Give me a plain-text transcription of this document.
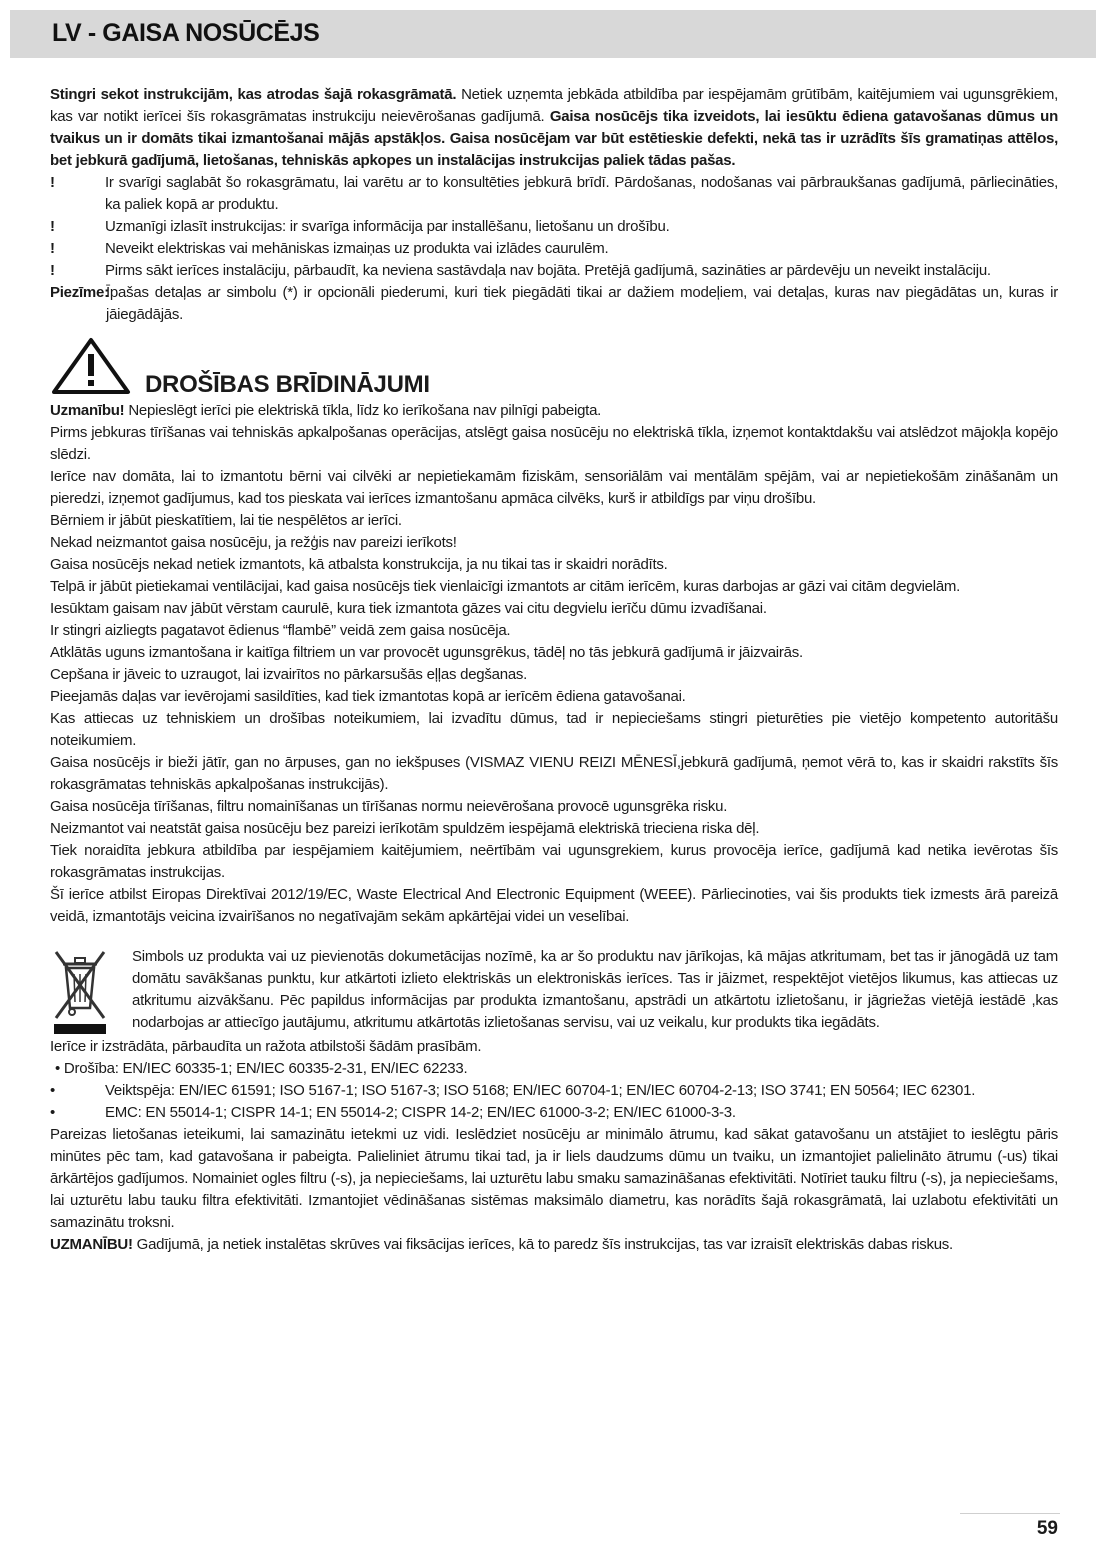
LV - GAISA NOSŪCĒJS

Stingri sekot instrukcijām, kas atrodas šajā rokasgrāmatā. Netiek uzņemta jebkāda atbildība par iespējamām grūtībām, kaitējumiem vai ugunsgrēkiem, kas var notikt ierīcei šīs rokasgrāmatas instrukciju neievērošanas gadījumā. Gaisa nosūcējs tika izveidots, lai iesūktu ēdiena gatavošanas dūmus un tvaikus un ir domāts tikai izmantošanai mājās apstākļos. Gaisa nosūcējam var būt estētieskie defekti, nekā tas ir uzrādīts šīs gramatiņas attēlos, bet jebkurā gadījumā, lietošanas, tehniskās apkopes un instalācijas instrukcijas paliek tādas pašas.

!	Ir svarīgi saglabāt šo rokasgrāmatu, lai varētu ar to konsultēties jebkurā brīdī. Pārdošanas, nodošanas vai pārbraukšanas gadījumā, pārliecināties, ka paliek kopā ar produktu.

!	Uzmanīgi izlasīt instrukcijas: ir svarīga informācija par installēšanu, lietošanu un drošību.

!	Neveikt elektriskas vai mehāniskas izmaiņas uz produkta vai izlādes caurulēm.

!	Pirms sākt ierīces instalāciju, pārbaudīt, ka neviena sastāvdaļa nav bojāta. Pretējā gadījumā, sazināties ar pārdevēju un neveikt instalāciju.

Piezīme:
Īpašas detaļas ar simbolu (*) ir opcionāli piederumi, kuri tiek piegādāti tikai ar dažiem modeļiem, vai detaļas, kuras nav piegādātas un, kuras ir jāiegādājās.

DROŠĪBAS BRĪDINĀJUMI

Uzmanību! Nepieslēgt ierīci pie elektriskā tīkla, līdz ko ierīkošana nav pilnīgi pabeigta.

Pirms jebkuras tīrīšanas vai tehniskās apkalpošanas operācijas, atslēgt gaisa nosūcēju no elektriskā tīkla, izņemot kontaktdakšu vai atslēdzot mājokļa kopējo slēdzi.

Ierīce nav domāta, lai to izmantotu bērni vai cilvēki ar nepietiekamām fiziskām, sensoriālām vai mentālām spējām, vai ar nepietiekošām zināšanām un pieredzi, izņemot gadījumus, kad tos pieskata vai ierīces izmantošanu apmāca cilvēks, kurš ir atbildīgs par viņu drošību.

Bērniem ir jābūt pieskatītiem, lai tie nespēlētos ar ierīci.

Nekad neizmantot gaisa nosūcēju, ja režģis nav pareizi ierīkots!

Gaisa nosūcējs nekad netiek izmantots, kā atbalsta konstrukcija, ja nu tikai tas ir skaidri norādīts.

Telpā ir jābūt pietiekamai ventilācijai, kad gaisa nosūcējs tiek vienlaicīgi izmantots ar citām ierīcēm, kuras darbojas ar gāzi vai citām degvielām.

Iesūktam gaisam nav jābūt vērstam caurulē, kura tiek izmantota gāzes vai citu degvielu ierīču dūmu izvadīšanai.

Ir stingri aizliegts pagatavot ēdienus “flambē” veidā zem gaisa nosūcēja.

Atklātās uguns izmantošana ir kaitīga filtriem un var provocēt ugunsgrēkus, tādēļ no tās jebkurā gadījumā ir jāizvairās.

Cepšana ir jāveic to uzraugot, lai izvairītos no pārkarsušās eļļas degšanas.

Pieejamās daļas var ievērojami sasildīties, kad tiek izmantotas kopā ar ierīcēm ēdiena gatavošanai.

Kas attiecas uz tehniskiem un drošības noteikumiem, lai izvadītu dūmus, tad ir nepieciešams stingri pieturēties pie vietējo kompetento autoritāšu noteikumiem.

Gaisa nosūcējs ir bieži jātīr, gan no ārpuses, gan no iekšpuses (VISMAZ VIENU REIZI MĒNESĪ,jebkurā gadījumā, ņemot vērā to, kas ir skaidri rakstīts šīs rokasgrāmatas tehniskās apkalpošanas instrukcijās).

Gaisa nosūcēja tīrīšanas, filtru nomainīšanas un tīrīšanas normu neievērošana provocē ugunsgrēka risku.

Neizmantot vai neatstāt gaisa nosūcēju bez pareizi ierīkotām spuldzēm iespējamā elektriskā trieciena riska dēļ.

Tiek noraidīta jebkura atbildība par iespējamiem kaitējumiem, neērtībām vai ugunsgrekiem, kurus provocēja ierīce, gadījumā kad netika ievērotas šīs rokasgrāmatas instrukcijas.

Šī ierīce atbilst Eiropas Direktīvai 2012/19/EC, Waste Electrical And Electronic Equipment (WEEE). Pārliecinoties, vai šis produkts tiek izmests ārā pareizā veidā, izmantotājs veicina izvairīšanos no negatīvajām sekām apkārtējai videi un veselībai.

Simbols uz produkta vai uz pievienotās dokumetācijas nozīmē, ka ar šo produktu nav jārīkojas, kā mājas atkritumam, bet tas ir jānogādā uz tam domātu savākšanas punktu, kur atkārtoti izlieto elektriskās un elektroniskās ierīces. Tas ir jāizmet, respektējot vietējos likumus, kas attiecas uz atkritumu aizvākšanu. Pēc papildus informācijas par produkta izmantošanu, apstrādi un atkārtotu izlietošanu, ir jāgriežas vietējā iestādē ,kas nodarbojas ar attiecīgo jautājumu, atkritumu atkārtotās izlietošanas servisu, vai uz veikalu, kur produkts tika iegādāts.

Ierīce ir izstrādāta, pārbaudīta un ražota atbilstoši šādām prasībām.

• Drošība: EN/IEC 60335-1; EN/IEC 60335-2-31, EN/IEC 62233.

•	Veiktspēja: EN/IEC 61591; ISO 5167-1; ISO 5167-3; ISO 5168; EN/IEC 60704-1; EN/IEC 60704-2-13; ISO 3741; EN 50564; IEC 62301.

•	EMC: EN 55014-1; CISPR 14-1; EN 55014-2; CISPR 14-2; EN/IEC 61000-3-2; EN/IEC 61000-3-3.

Pareizas lietošanas ieteikumi, lai samazinātu ietekmi uz vidi. Ieslēdziet nosūcēju ar minimālo ātrumu, kad sākat gatavošanu un atstājiet to ieslēgtu pāris minūtes pēc tam, kad gatavošana ir pabeigta. Palieliniet ātrumu tikai tad, ja ir liels daudzums dūmu un tvaiku, un izmantojiet palielināto ātrumu (-us) tikai ārkārtējos gadījumos. Nomainiet ogles filtru (-s), ja nepieciešams, lai uzturētu labu smaku samazināšanas efektivitāti. Notīriet tauku filtru (-s), ja nepieciešams, lai uzturētu labu tauku filtra efektivitāti. Izmantojiet vēdināšanas sistēmas maksimālo diametru, kas norādīts šajā rokasgrāmatā, lai uzlabotu efektivitāti un samazinātu troksni.

UZMANĪBU! Gadījumā, ja netiek instalētas skrūves vai fiksācijas ierīces, kā to paredz šīs instrukcijas, tas var izraisīt elektriskās dabas riskus.

59
